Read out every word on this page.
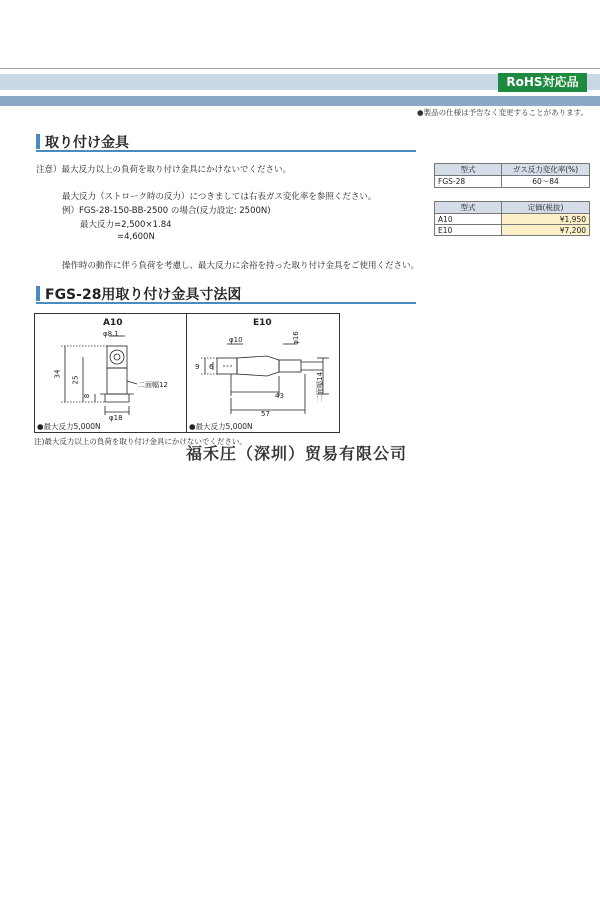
RoHS対応品
●製品の仕様は予告なく変更することがあります。
取り付け金具
注意）最大反力以上の負荷を取り付け金具にかけないでください。
最大反力（ストローク時の反力）につきましては右表ガス変化率を参照ください。
例）FGS-28-150-BB-2500 の場合(反力設定: 2500N)
最大反力=2,500×1.84
=4,600N
操作時の動作に伴う負荷を考慮し、最大反力に余裕を持った取り付け金具をご使用ください。
型式	ガス反力変化率(%)
FGS-28	60～84
型式	定価(税抜)
A10	¥1,950
E10	¥7,200
FGS-28用取り付け金具寸法図
A10
φ8.1
34
25
8
二面幅12
φ18
●最大反力5,000N
E10
φ10	φ16
9 6
43
57
二面幅14
●最大反力5,000N
注)最大反力以上の負荷を取り付け金具にかけないでください。
福禾圧（深圳）贸易有限公司
